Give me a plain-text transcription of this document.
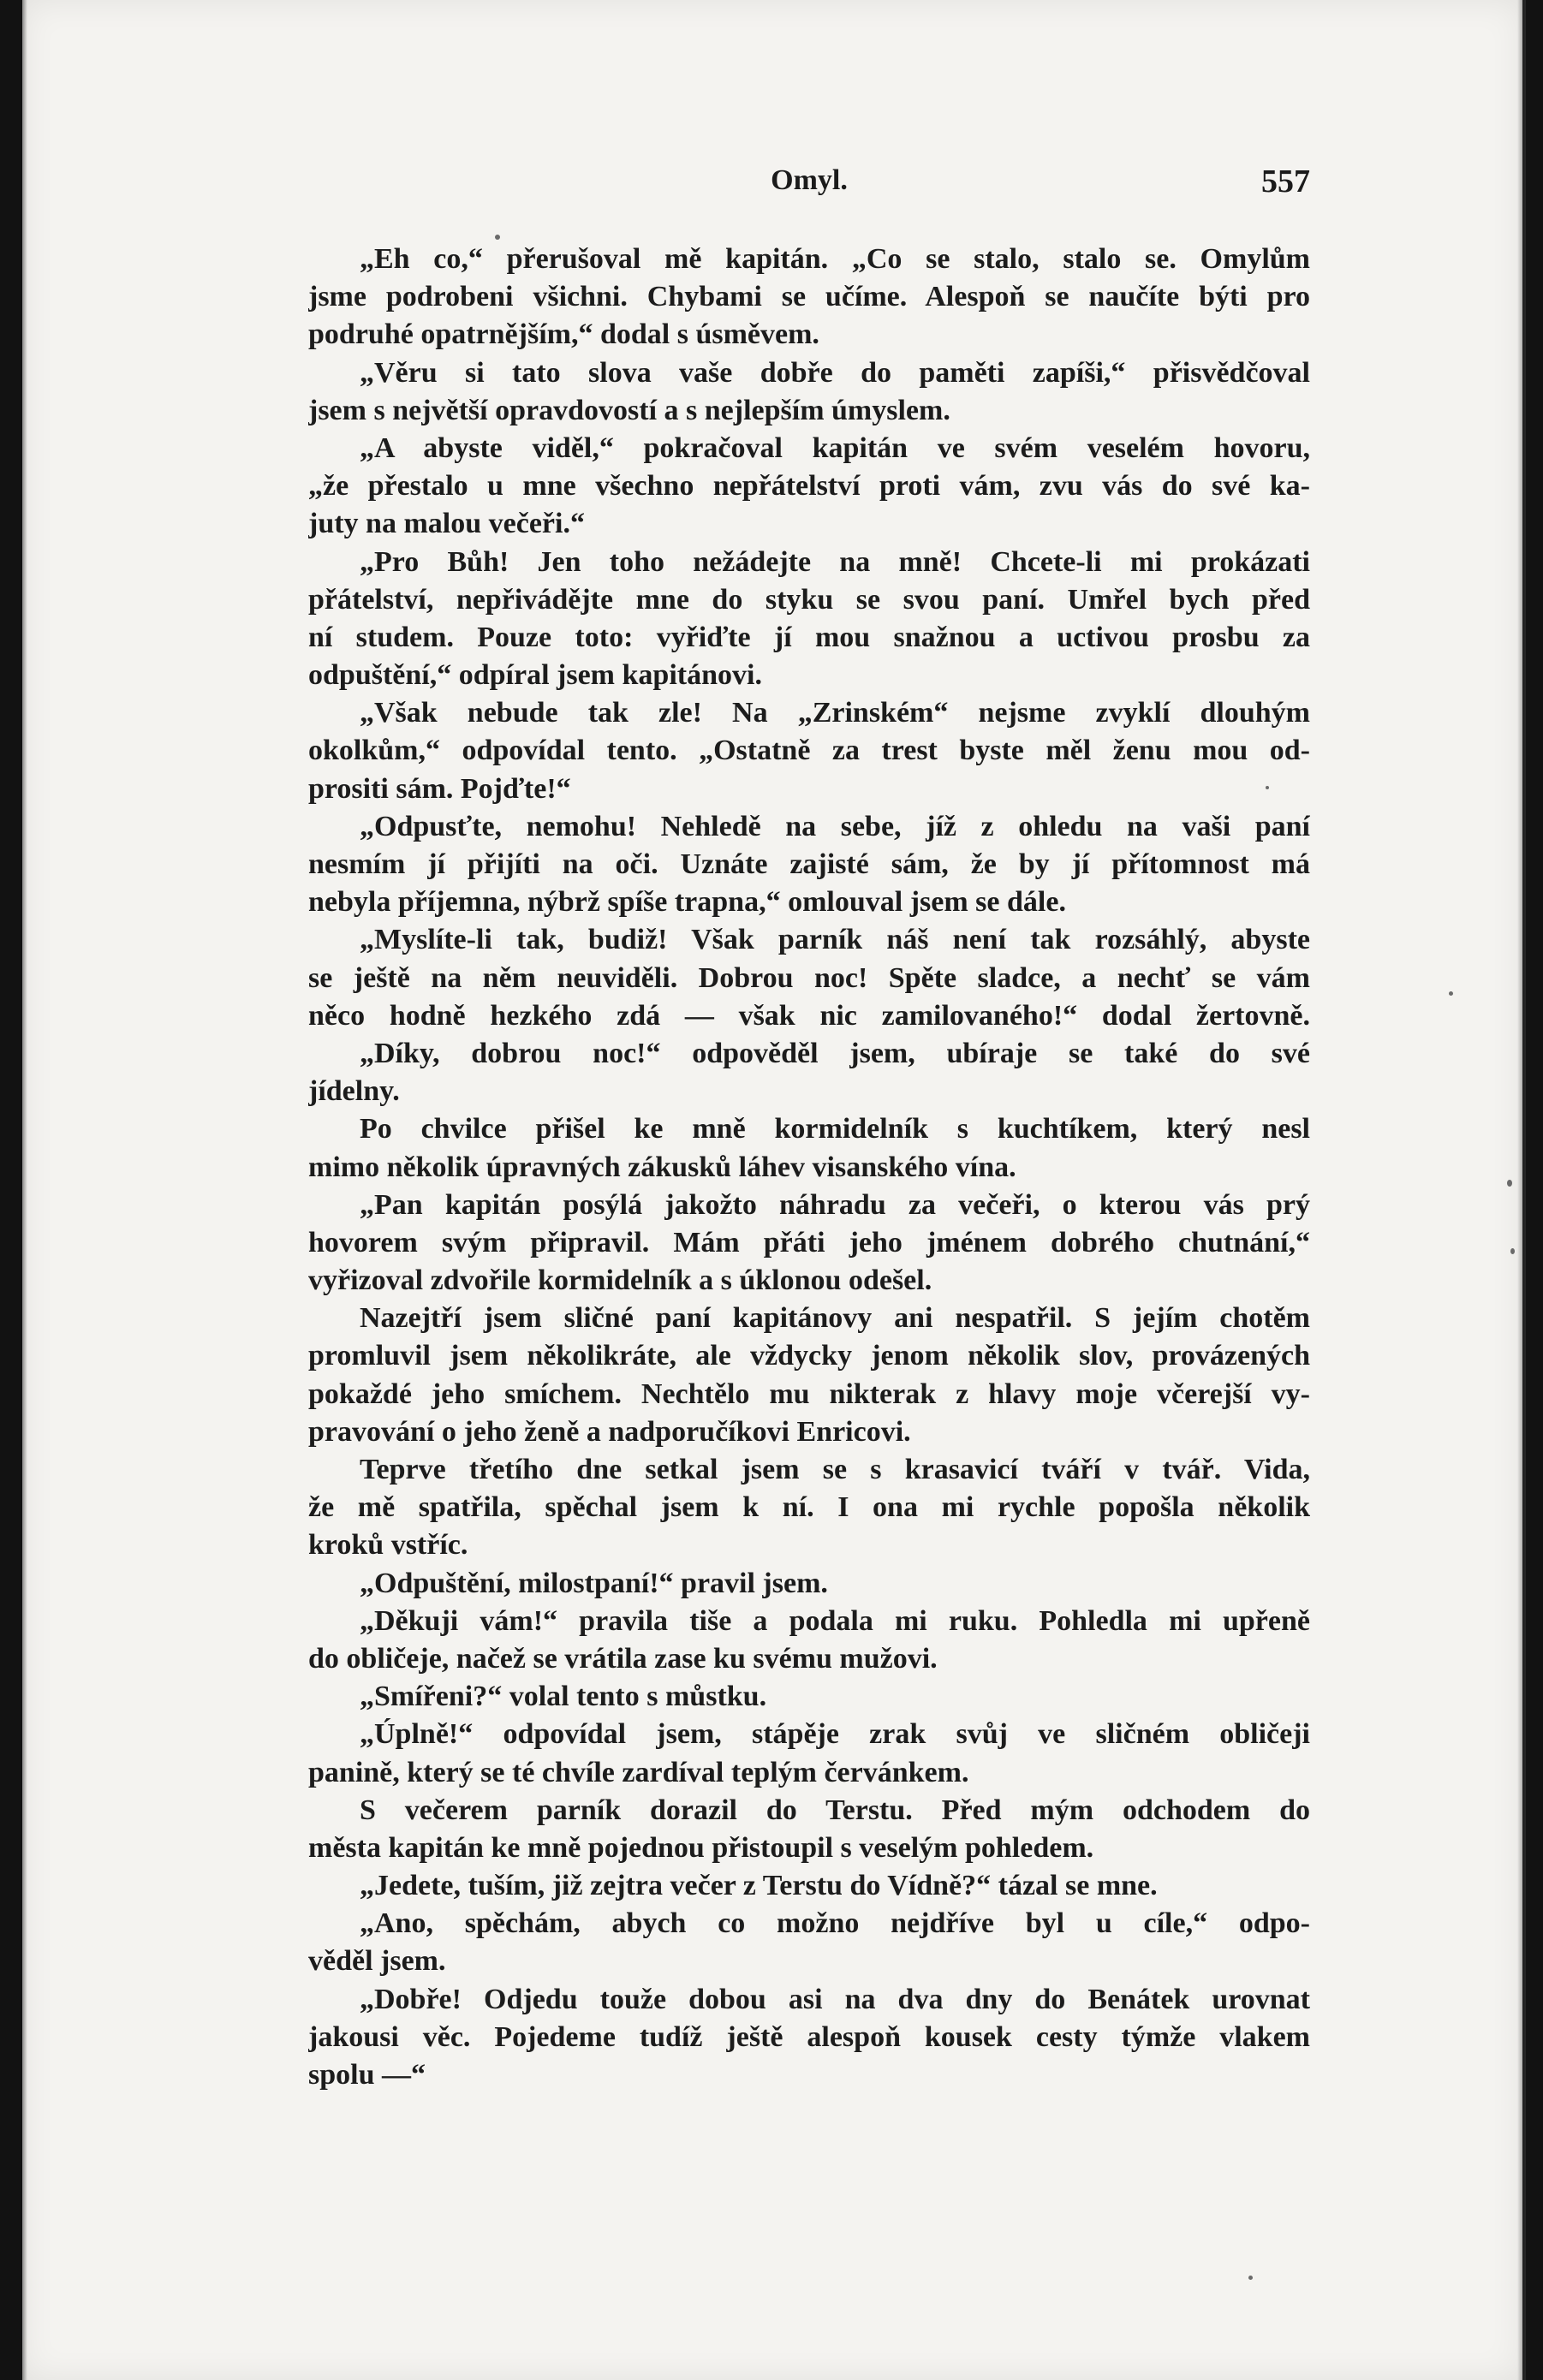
Omyl.	557
„Eh co,“ přerušoval mě kapitán. „Co se stalo, stalo se. Omylům
jsme podrobeni všichni. Chybami se učíme. Alespoň se naučíte býti pro
podruhé opatrnějším,“ dodal s úsměvem.
„Věru si tato slova vaše dobře do paměti zapíši,“ přisvědčoval
jsem s největší opravdovostí a s nejlepším úmyslem.
„A abyste viděl,“ pokračoval kapitán ve svém veselém hovoru,
„že přestalo u mne všechno nepřátelství proti vám, zvu vás do své ka-
juty na malou večeři.“
„Pro Bůh! Jen toho nežádejte na mně! Chcete-li mi prokázati
přátelství, nepřivádějte mne do styku se svou paní. Umřel bych před
ní studem. Pouze toto: vyřiďte jí mou snažnou a uctivou prosbu za
odpuštění,“ odpíral jsem kapitánovi.
„Však nebude tak zle! Na „Zrinském“ nejsme zvyklí dlouhým
okolkům,“ odpovídal tento. „Ostatně za trest byste měl ženu mou od-
prositi sám. Pojďte!“
„Odpusťte, nemohu! Nehledě na sebe, jíž z ohledu na vaši paní
nesmím jí přijíti na oči. Uznáte zajisté sám, že by jí přítomnost má
nebyla příjemna, nýbrž spíše trapna,“ omlouval jsem se dále.
„Myslíte-li tak, budiž! Však parník náš není tak rozsáhlý, abyste
se ještě na něm neuviděli. Dobrou noc! Spěte sladce, a nechť se vám
něco hodně hezkého zdá — však nic zamilovaného!“ dodal žertovně.
„Díky, dobrou noc!“ odpověděl jsem, ubíraje se také do své
jídelny.
Po chvilce přišel ke mně kormidelník s kuchtíkem, který nesl
mimo několik úpravných zákusků láhev visanského vína.
„Pan kapitán posýlá jakožto náhradu za večeři, o kterou vás prý
hovorem svým připravil. Mám přáti jeho jménem dobrého chutnání,“
vyřizoval zdvořile kormidelník a s úklonou odešel.
Nazejtří jsem sličné paní kapitánovy ani nespatřil. S jejím chotěm
promluvil jsem několikráte, ale vždycky jenom několik slov, provázených
pokaždé jeho smíchem. Nechtělo mu nikterak z hlavy moje včerejší vy-
pravování o jeho ženě a nadporučíkovi Enricovi.
Teprve třetího dne setkal jsem se s krasavicí tváří v tvář. Vida,
že mě spatřila, spěchal jsem k ní. I ona mi rychle popošla několik
kroků vstříc.
„Odpuštění, milostpaní!“ pravil jsem.
„Děkuji vám!“ pravila tiše a podala mi ruku. Pohledla mi upřeně
do obličeje, načež se vrátila zase ku svému mužovi.
„Smířeni?“ volal tento s můstku.
„Úplně!“ odpovídal jsem, stápěje zrak svůj ve sličném obličeji
panině, který se té chvíle zardíval teplým červánkem.
S večerem parník dorazil do Terstu. Před mým odchodem do
města kapitán ke mně pojednou přistoupil s veselým pohledem.
„Jedete, tuším, již zejtra večer z Terstu do Vídně?“ tázal se mne.
„Ano, spěchám, abych co možno nejdříve byl u cíle,“ odpo-
věděl jsem.
„Dobře! Odjedu touže dobou asi na dva dny do Benátek urovnat
jakousi věc. Pojedeme tudíž ještě alespoň kousek cesty týmže vlakem
spolu —“
